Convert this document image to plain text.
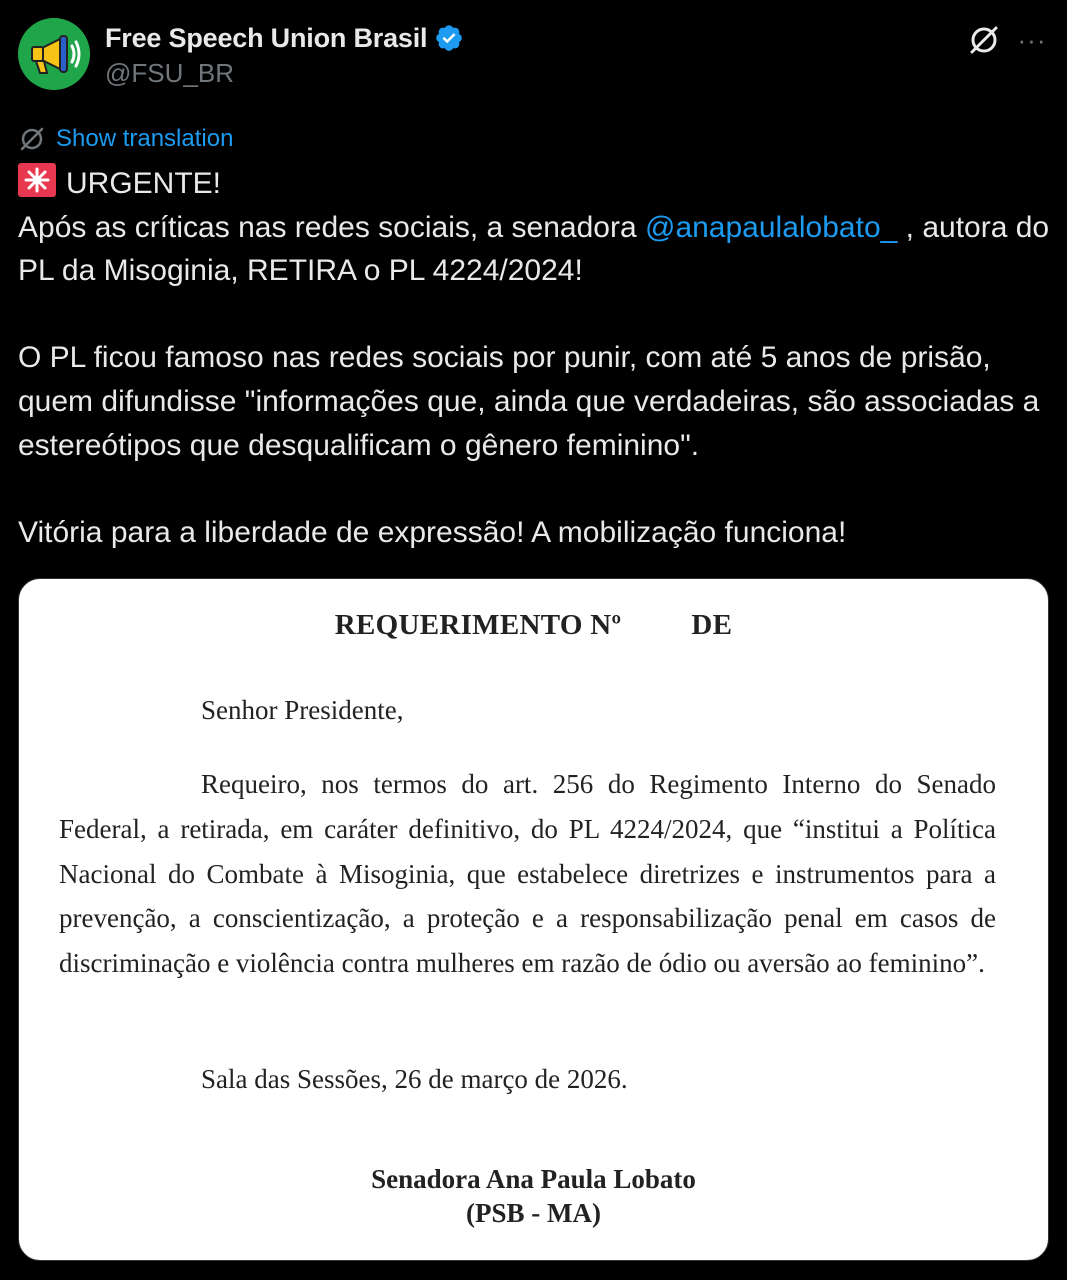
Free Speech Union Brasil
@FSU_BR
···
Show translation
URGENTE!
Após as críticas nas redes sociais, a senadora @anapaulalobato_ , autora do PL da Misoginia, RETIRA o PL 4224/2024!
O PL ficou famoso nas redes sociais por punir, com até 5 anos de prisão, quem difundisse "informações que, ainda que verdadeiras, são associadas a estereótipos que desqualificam o gênero feminino".
Vitória para a liberdade de expressão! A mobilização funciona!
REQUERIMENTO Nº DE
Senhor Presidente,
Requeiro, nos termos do art. 256 do Regimento Interno do Senado Federal, a retirada, em caráter definitivo, do PL 4224/2024, que “institui a Política Nacional do Combate à Misoginia, que estabelece diretrizes e instrumentos para a prevenção, a conscientização, a proteção e a responsabilização penal em casos de discriminação e violência contra mulheres em razão de ódio ou aversão ao feminino”.
Sala das Sessões, 26 de março de 2026.
Senadora Ana Paula Lobato
(PSB - MA)
